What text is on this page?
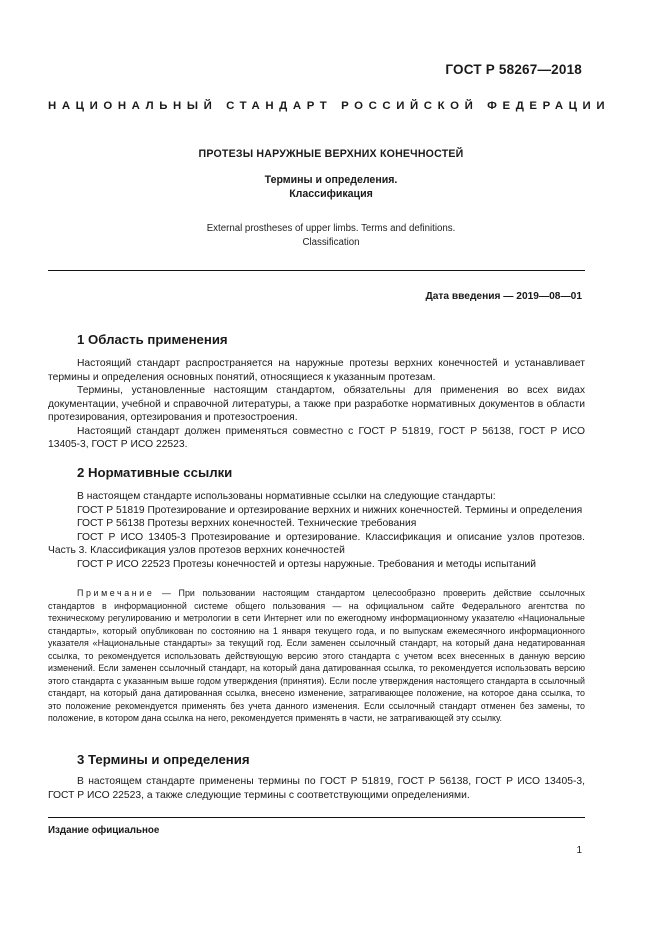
ГОСТ Р 58267—2018
НАЦИОНАЛЬНЫЙ СТАНДАРТ РОССИЙСКОЙ ФЕДЕРАЦИИ
ПРОТЕЗЫ НАРУЖНЫЕ ВЕРХНИХ КОНЕЧНОСТЕЙ
Термины и определения.
Классификация
External prostheses of upper limbs. Terms and definitions.
Classification
Дата введения — 2019—08—01
1 Область применения

Настоящий стандарт распространяется на наружные протезы верхних конечностей и устанавливает термины и определения основных понятий, относящиеся к указанным протезам.

Термины, установленные настоящим стандартом, обязательны для применения во всех видах документации, учебной и справочной литературы, а также при разработке нормативных документов в области протезирования, ортезирования и протезостроения.

Настоящий стандарт должен применяться совместно с ГОСТ Р 51819, ГОСТ Р 56138, ГОСТ Р ИСО 13405-3, ГОСТ Р ИСО 22523.

2 Нормативные ссылки

В настоящем стандарте использованы нормативные ссылки на следующие стандарты:

ГОСТ Р 51819 Протезирование и ортезирование верхних и нижних конечностей. Термины и определения

ГОСТ Р 56138 Протезы верхних конечностей. Технические требования

ГОСТ Р ИСО 13405-3 Протезирование и ортезирование. Классификация и описание узлов протезов. Часть 3. Классификация узлов протезов верхних конечностей

ГОСТ Р ИСО 22523 Протезы конечностей и ортезы наружные. Требования и методы испытаний

Примечание — При пользовании настоящим стандартом целесообразно проверить действие ссылочных стандартов в информационной системе общего пользования — на официальном сайте Федерального агентства по техническому регулированию и метрологии в сети Интернет или по ежегодному информационному указателю «Национальные стандарты», который опубликован по состоянию на 1 января текущего года, и по выпускам ежемесячного информационного указателя «Национальные стандарты» за текущий год. Если заменен ссылочный стандарт, на который дана недатированная ссылка, то рекомендуется использовать действующую версию этого стандарта с учетом всех внесенных в данную версию изменений. Если заменен ссылочный стандарт, на который дана датированная ссылка, то рекомендуется использовать версию этого стандарта с указанным выше годом утверждения (принятия). Если после утверждения настоящего стандарта в ссылочный стандарт, на который дана датированная ссылка, внесено изменение, затрагивающее положение, на которое дана ссылка, то это положение рекомендуется применять без учета данного изменения. Если ссылочный стандарт отменен без замены, то положение, в котором дана ссылка на него, рекомендуется применять в части, не затрагивающей эту ссылку.

3 Термины и определения

В настоящем стандарте применены термины по ГОСТ Р 51819, ГОСТ Р 56138, ГОСТ Р ИСО 13405-3, ГОСТ Р ИСО 22523, а также следующие термины с соответствующими определениями.

Издание официальное
1
